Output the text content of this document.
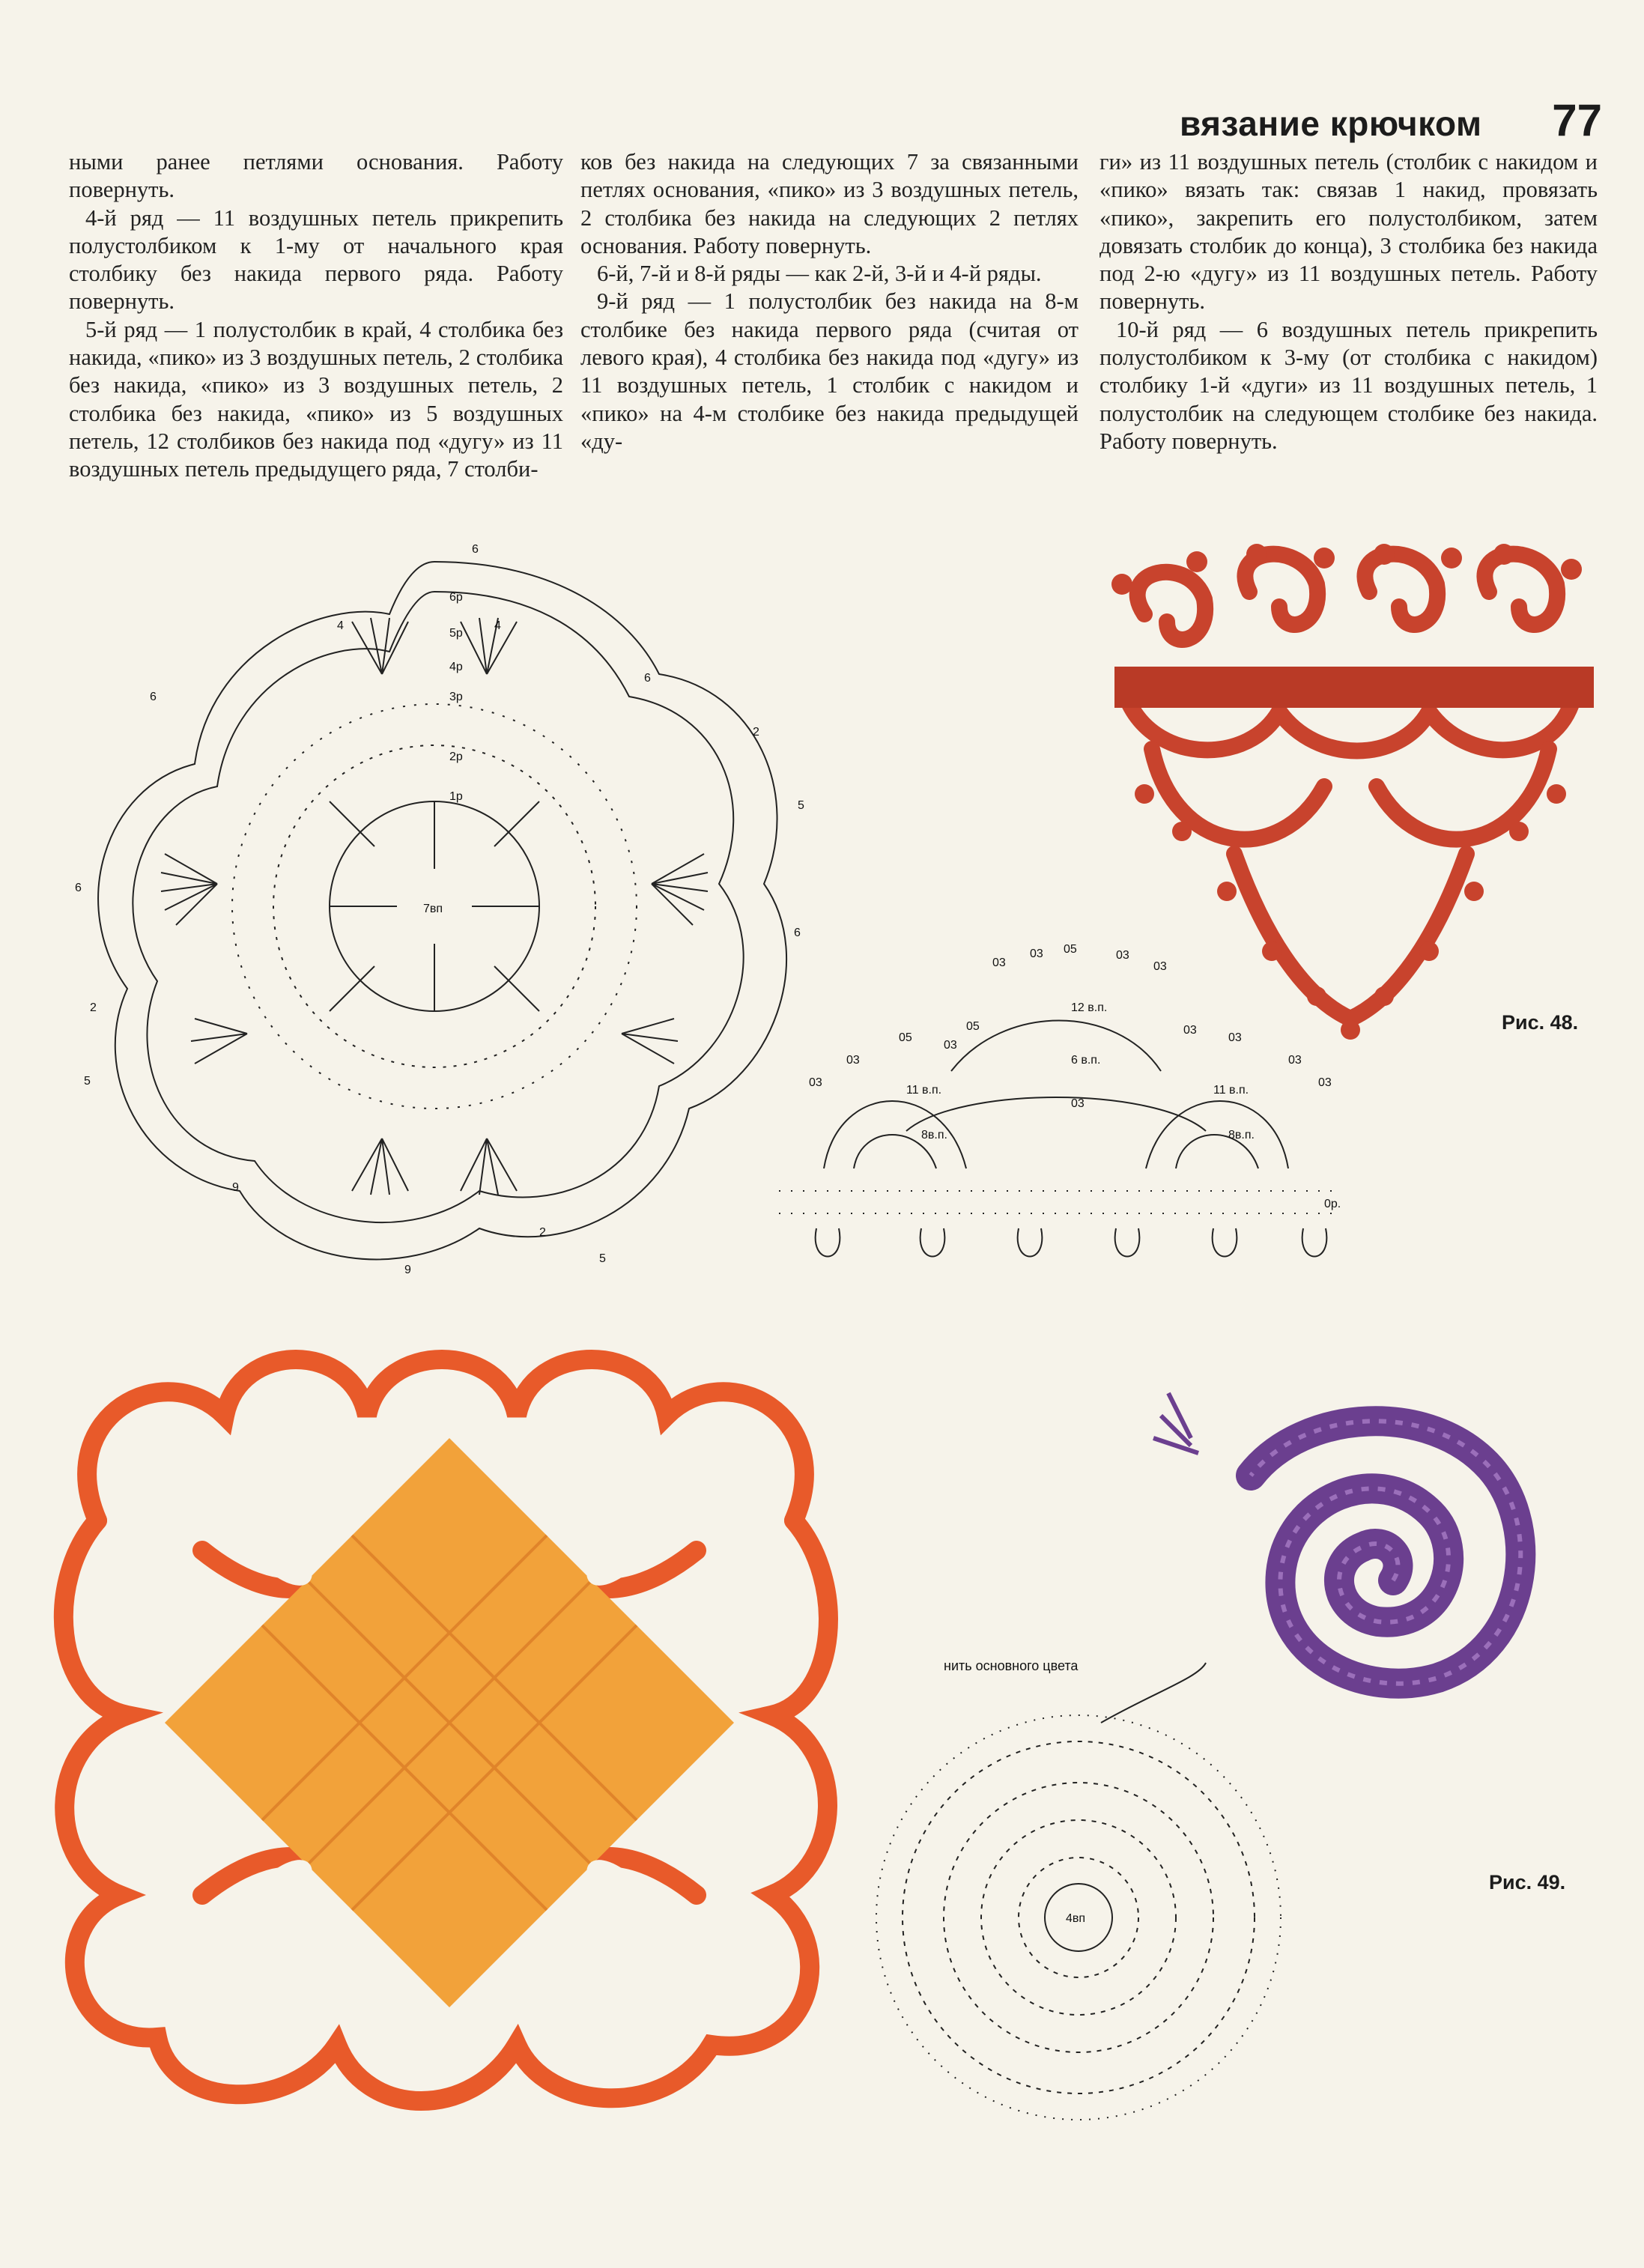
вязание крючком 77

ными ранее петлями основания. Работу повернуть.

4-й ряд — 11 воздушных петель прикрепить полустолбиком к 1-му от начального края столбику без накида первого ряда. Работу повернуть.

5-й ряд — 1 полустолбик в край, 4 столбика без накида, «пико» из 3 воздушных петель, 2 столбика без накида, «пико» из 3 воздушных петель, 2 столбика без накида, «пико» из 5 воздушных петель, 12 столбиков без накида под «дугу» из 11 воздушных петель предыдущего ряда, 7 столби-

ков без накида на следующих 7 за связанными петлях основания, «пико» из 3 воздушных петель, 2 столбика без накида на следующих 2 петлях основания. Работу повернуть.

6-й, 7-й и 8-й ряды — как 2-й, 3-й и 4-й ряды.

9-й ряд — 1 полустолбик без накида на 8-м столбике без накида первого ряда (считая от левого края), 4 столбика без накида под «дугу» из 11 воздушных петель, 1 столбик с накидом и «пико» на 4-м столбике без накида предыдущей «ду-

ги» из 11 воздушных петель (столбик с накидом и «пико» вязать так: связав 1 накид, провязать «пико», закрепить его полустолбиком, затем довязать столбик до конца), 3 столбика без накида под 2-ю «дугу» из 11 воздушных петель. Работу повернуть.

10-й ряд — 6 воздушных петель прикрепить полустолбиком к 3-му (от столбика с накидом) столбику 1-й «дуги» из 11 воздушных петель, 1 полустолбик на следующем столбике без накида. Работу повернуть.

7вп
1р
2р
3р
4р
5р
6р
6
4	4
6
6
6
6
9
9
2
5
2
5
2
5
Рис. 48.
12 в.п.
11 в.п.	11 в.п.
6 в.п.
8в.п.	8в.п.
0р.
03
03 05	03
03
03
05	03
03
03	03
03
05
03
03
Рис. 49.
нить основного цвета
4вп
